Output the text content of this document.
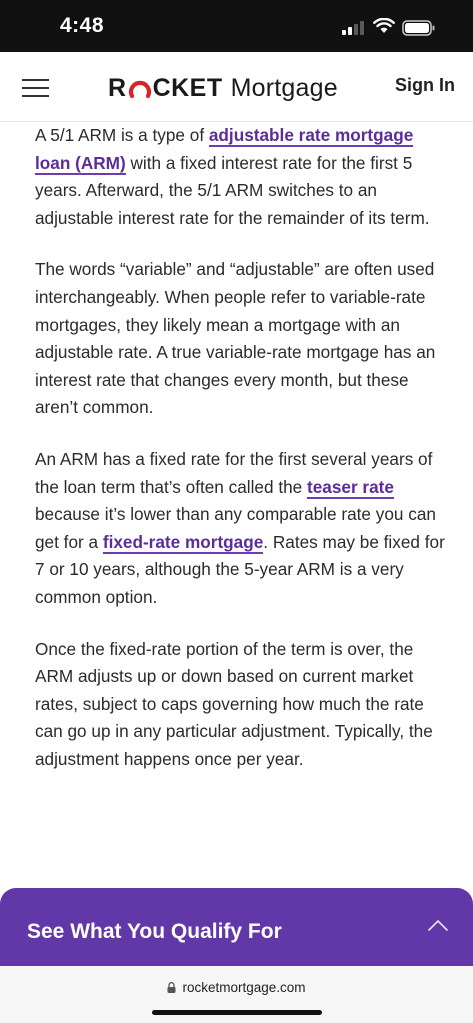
4:48
R CKET Mortgage	Sign In

A 5/1 ARM is a type of adjustable rate mortgage loan (ARM) with a fixed interest rate for the first 5 years. Afterward, the 5/1 ARM switches to an adjustable interest rate for the remainder of its term.

The words “variable” and “adjustable” are often used interchangeably. When people refer to variable-rate mortgages, they likely mean a mortgage with an adjustable rate. A true variable-rate mortgage has an interest rate that changes every month, but these aren’t common.

An ARM has a fixed rate for the first several years of the loan term that’s often called the teaser rate because it’s lower than any comparable rate you can get for a fixed-rate mortgage. Rates may be fixed for 7 or 10 years, although the 5-year ARM is a very common option.

Once the fixed-rate portion of the term is over, the ARM adjusts up or down based on current market rates, subject to caps governing how much the rate can go up in any particular adjustment. Typically, the adjustment happens once per year.

See What You Qualify For
rocketmortgage.com
